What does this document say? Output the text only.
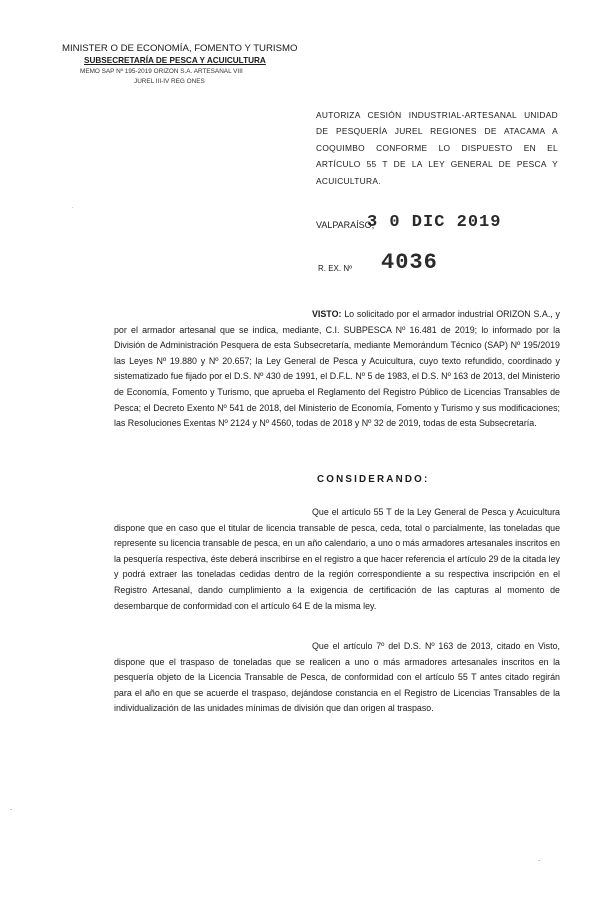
MINISTER O DE ECONOMÍA, FOMENTO Y TURISMO
SUBSECRETARÍA DE PESCA Y ACUICULTURA
MEMO SAP Nº 195-2019 ORIZON S.A. ARTESANAL VIII
JUREL III-IV REG ONES
AUTORIZA CESIÓN INDUSTRIAL-ARTESANAL UNIDAD DE PESQUERÍA JUREL REGIONES DE ATACAMA A COQUIMBO CONFORME LO DISPUESTO EN EL ARTÍCULO 55 T DE LA LEY GENERAL DE PESCA Y ACUICULTURA.
VALPARAÍSO,
3 0 DIC 2019
R. EX. Nº 4036
VISTO: Lo solicitado por el armador industrial ORIZON S.A., y por el armador artesanal que se indica, mediante, C.I. SUBPESCA Nº 16.481 de 2019; lo informado por la División de Administración Pesquera de esta Subsecretaría, mediante Memorándum Técnico (SAP) Nº 195/2019 las Leyes Nº 19.880 y Nº 20.657; la Ley General de Pesca y Acuicultura, cuyo texto refundido, coordinado y sistematizado fue fijado por el D.S. Nº 430 de 1991, el D.F.L. Nº 5 de 1983, el D.S. Nº 163 de 2013, del Ministerio de Economía, Fomento y Turismo, que aprueba el Reglamento del Registro Público de Licencias Transables de Pesca; el Decreto Exento Nº 541 de 2018, del Ministerio de Economía, Fomento y Turismo y sus modificaciones; las Resoluciones Exentas Nº 2124 y Nº 4560, todas de 2018 y Nº 32 de 2019, todas de esta Subsecretaría.
CONSIDERANDO:
Que el artículo 55 T de la Ley General de Pesca y Acuicultura dispone que en caso que el titular de licencia transable de pesca, ceda, total o parcialmente, las toneladas que represente su licencia transable de pesca, en un año calendario, a uno o más armadores artesanales inscritos en la pesquería respectiva, éste deberá inscribirse en el registro a que hacer referencia el artículo 29 de la citada ley y podrá extraer las toneladas cedidas dentro de la región correspondiente a su respectiva inscripción en el Registro Artesanal, dando cumplimiento a la exigencia de certificación de las capturas al momento de desembarque de conformidad con el artículo 64 E de la misma ley.
Que el artículo 7º del D.S. Nº 163 de 2013, citado en Visto, dispone que el traspaso de toneladas que se realicen a uno o más armadores artesanales inscritos en la pesquería objeto de la Licencia Transable de Pesca, de conformidad con el artículo 55 T antes citado regirán para el año en que se acuerde el traspaso, dejándose constancia en el Registro de Licencias Transables de la individualización de las unidades mínimas de división que dan origen al traspaso.
.
.
.
